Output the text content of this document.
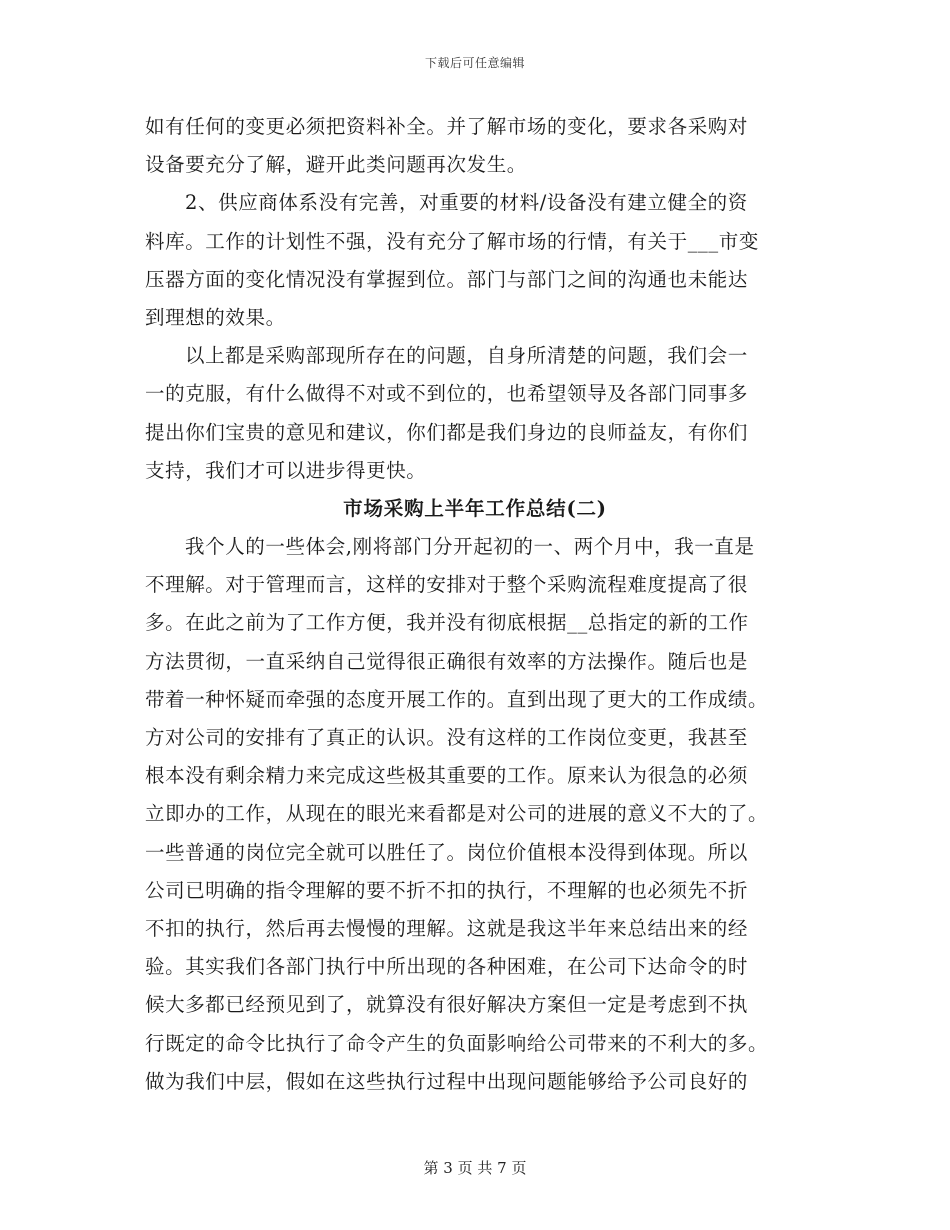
下载后可任意编辑
如有任何的变更必须把资料补全。并了解市场的变化，要求各采购对
设备要充分了解，避开此类问题再次发生。
2、供应商体系没有完善，对重要的材料/设备没有建立健全的资
料库。工作的计划性不强，没有充分了解市场的行情，有关于___市变
压器方面的变化情况没有掌握到位。部门与部门之间的沟通也未能达
到理想的效果。
以上都是采购部现所存在的问题，自身所清楚的问题，我们会一
一的克服，有什么做得不对或不到位的，也希望领导及各部门同事多
提出你们宝贵的意见和建议，你们都是我们身边的良师益友，有你们
支持，我们才可以进步得更快。
市场采购上半年工作总结(二)
我个人的一些体会,刚将部门分开起初的一、两个月中，我一直是
不理解。对于管理而言，这样的安排对于整个采购流程难度提高了很
多。在此之前为了工作方便，我并没有彻底根据__总指定的新的工作
方法贯彻，一直采纳自己觉得很正确很有效率的方法操作。随后也是
带着一种怀疑而牵强的态度开展工作的。直到出现了更大的工作成绩。
方对公司的安排有了真正的认识。没有这样的工作岗位变更，我甚至
根本没有剩余精力来完成这些极其重要的工作。原来认为很急的必须
立即办的工作，从现在的眼光来看都是对公司的进展的意义不大的了。
一些普通的岗位完全就可以胜任了。岗位价值根本没得到体现。所以
公司已明确的指令理解的要不折不扣的执行，不理解的也必须先不折
不扣的执行，然后再去慢慢的理解。这就是我这半年来总结出来的经
验。其实我们各部门执行中所出现的各种困难，在公司下达命令的时
候大多都已经预见到了，就算没有很好解决方案但一定是考虑到不执
行既定的命令比执行了命令产生的负面影响给公司带来的不利大的多。
做为我们中层，假如在这些执行过程中出现问题能够给予公司良好的
第 3 页 共 7 页
